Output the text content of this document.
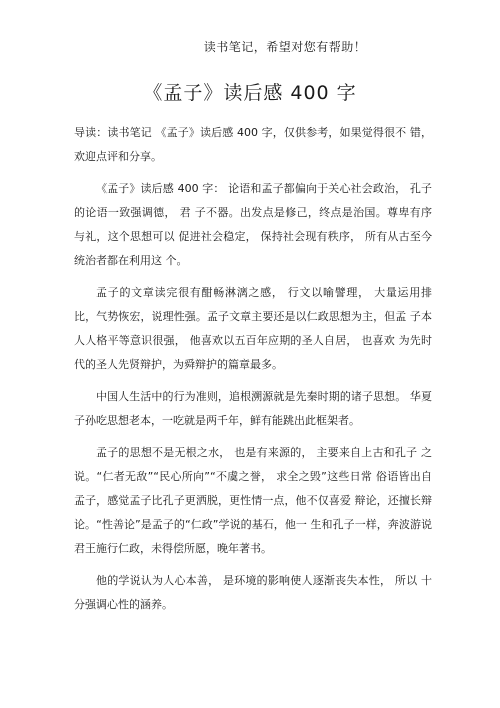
读书笔记，希望对您有帮助！
《孟子》读后感 400 字

导读：读书笔记 《孟子》读后感 400 字，仅供参考，如果觉得很不 错，欢迎点评和分享。

《孟子》读后感 400 字： 论语和孟子都偏向于关心社会政治， 孔子的论语一致强调德， 君 子不器。出发点是修己，终点是治国。尊卑有序与礼，这个思想可以 促进社会稳定， 保持社会现有秩序， 所有从古至今统治者都在利用这 个。

孟子的文章读完很有酣畅淋漓之感， 行文以喻譬理， 大量运用排 比，气势恢宏，说理性强。孟子文章主要还是以仁政思想为主，但孟 子本人人格平等意识很强， 他喜欢以五百年应期的圣人自居， 也喜欢 为先时代的圣人先贤辩护，为舜辩护的篇章最多。

中国人生活中的行为准则，追根溯源就是先秦时期的诸子思想。 华夏子孙吃思想老本，一吃就是两千年，鲜有能跳出此框架者。

孟子的思想不是无根之水， 也是有来源的， 主要来自上古和孔子 之说。“仁者无敌”“民心所向”“不虞之誉， 求全之毁”这些日常 俗语皆出自孟子，感觉孟子比孔子更洒脱，更性情一点，他不仅喜爱 辩论，还擅长辩论。“性善论”是孟子的“仁政”学说的基石，他一 生和孔子一样，奔波游说君王施行仁政，未得偿所愿，晚年著书。

他的学说认为人心本善， 是环境的影响使人逐渐丧失本性， 所以 十分强调心性的涵养。
